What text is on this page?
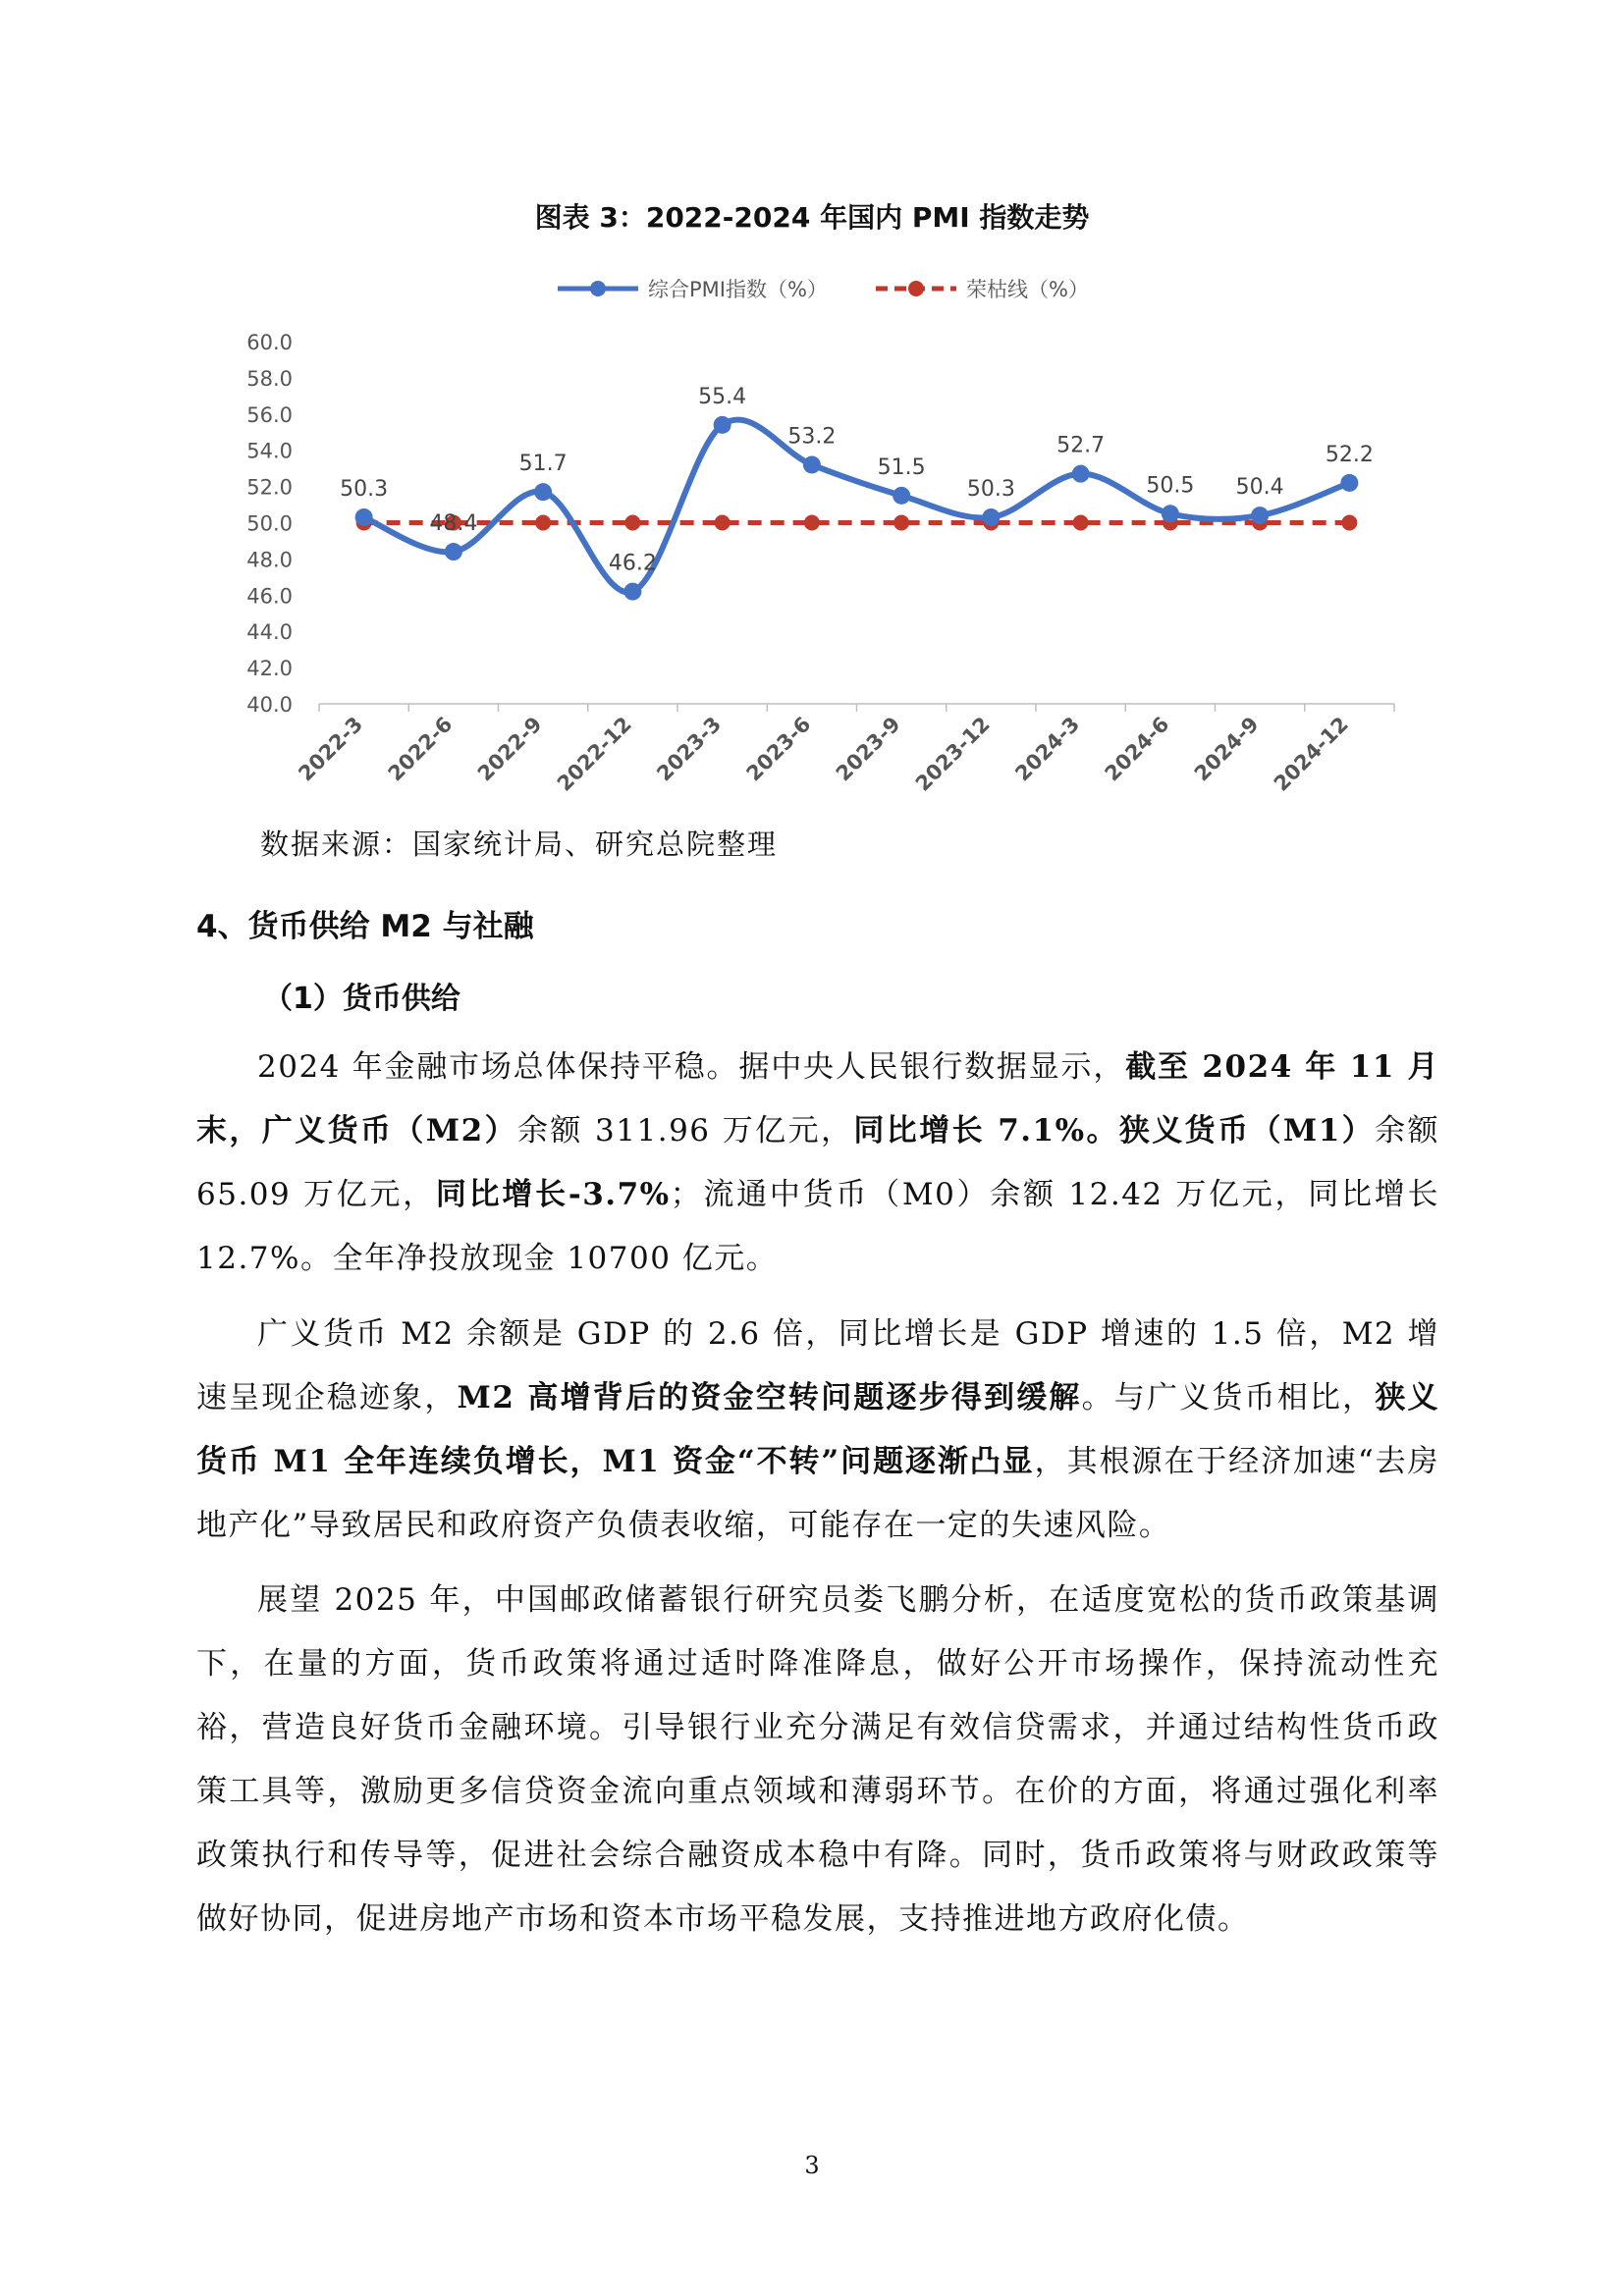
图表 3：2022-2024 年国内 PMI 指数走势
综合PMI指数（%）	荣枯线（%）
40.0
42.0
44.0
46.0
48.0
50.0
52.0
54.0
56.0
58.0
60.0
2022-3 2022-6 2022-9 2022-12 2023-3 2023-6 2023-9 2023-12 2024-3 2024-6 2024-9 2024-12
50.3
48.4
51.7
46.2
55.4
53.2
51.5
50.3
52.7
50.5 50.4
52.2
数据来源：国家统计局、研究总院整理
4、货币供给 M2 与社融
（1）货币供给

2024 年金融市场总体保持平稳。据中央人民银行数据显示，截至 2024 年 11 月末，广义货币（M2）余额 311.96 万亿元，同比增长 7.1%。狭义货币（M1）余额 65.09 万亿元，同比增长-3.7%；流通中货币（M0）余额 12.42 万亿元，同比增长 12.7%。全年净投放现金 10700 亿元。

广义货币 M2 余额是 GDP 的 2.6 倍，同比增长是 GDP 增速的 1.5 倍，M2 增速呈现企稳迹象，M2 高增背后的资金空转问题逐步得到缓解。与广义货币相比，狭义货币 M1 全年连续负增长，M1 资金“不转”问题逐渐凸显，其根源在于经济加速“去房地产化”导致居民和政府资产负债表收缩，可能存在一定的失速风险。

展望 2025 年，中国邮政储蓄银行研究员娄飞鹏分析，在适度宽松的货币政策基调下，在量的方面，货币政策将通过适时降准降息，做好公开市场操作，保持流动性充裕，营造良好货币金融环境。引导银行业充分满足有效信贷需求，并通过结构性货币政策工具等，激励更多信贷资金流向重点领域和薄弱环节。在价的方面，将通过强化利率政策执行和传导等，促进社会综合融资成本稳中有降。同时，货币政策将与财政政策等做好协同，促进房地产市场和资本市场平稳发展，支持推进地方政府化债。

3
